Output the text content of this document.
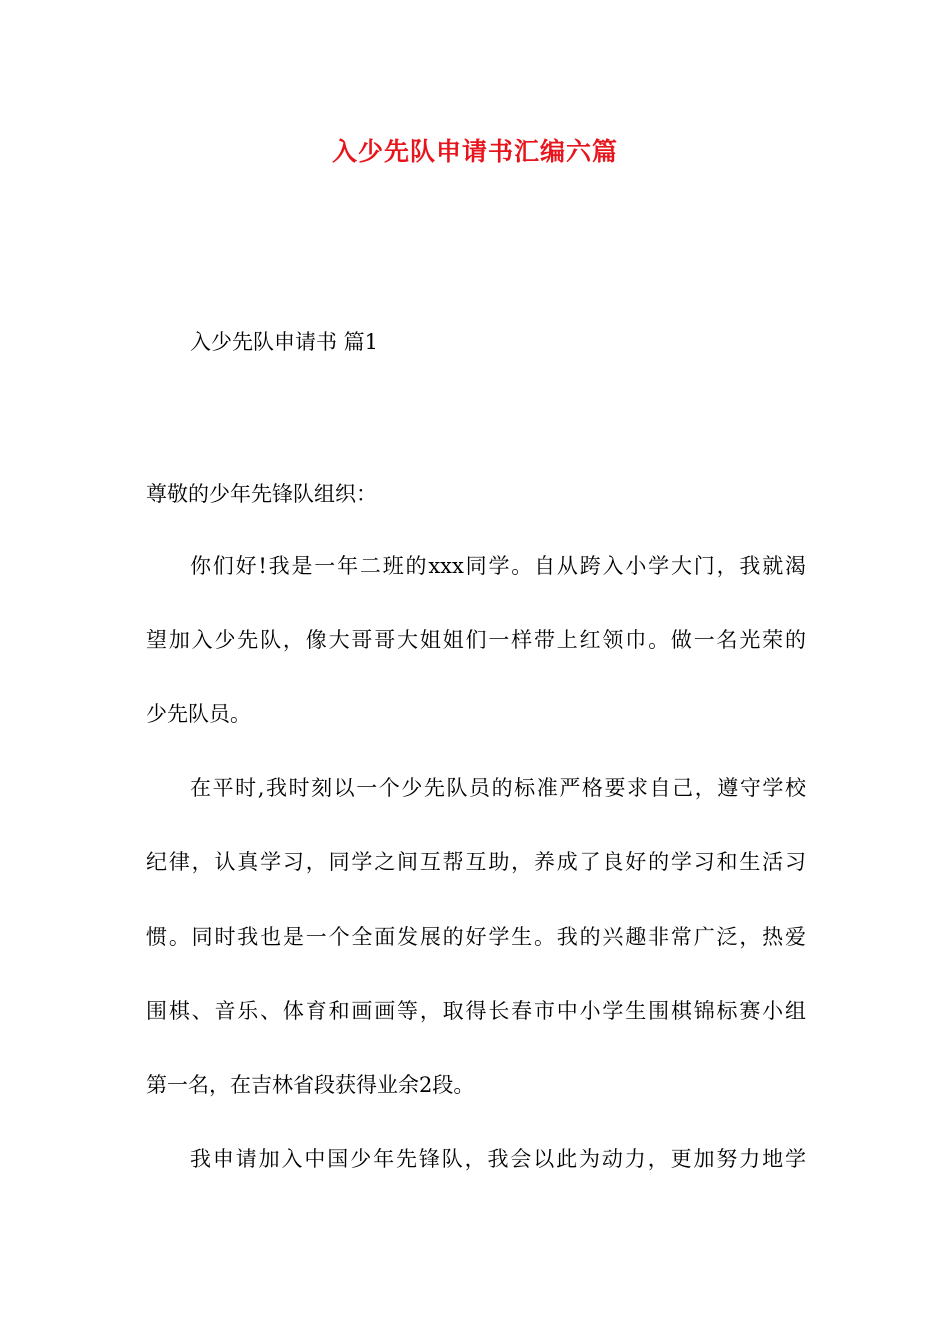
入少先队申请书汇编六篇

入少先队申请书 篇1

尊敬的少年先锋队组织：

你们好!我是一年二班的xxx同学。自从跨入小学大门，我就渴

望加入少先队，像大哥哥大姐姐们一样带上红领巾。做一名光荣的

少先队员。

在平时,我时刻以一个少先队员的标准严格要求自己，遵守学校

纪律，认真学习，同学之间互帮互助，养成了良好的学习和生活习

惯。同时我也是一个全面发展的好学生。我的兴趣非常广泛，热爱

围棋、音乐、体育和画画等，取得长春市中小学生围棋锦标赛小组

第一名，在吉林省段获得业余2段。

我申请加入中国少年先锋队，我会以此为动力，更加努力地学
